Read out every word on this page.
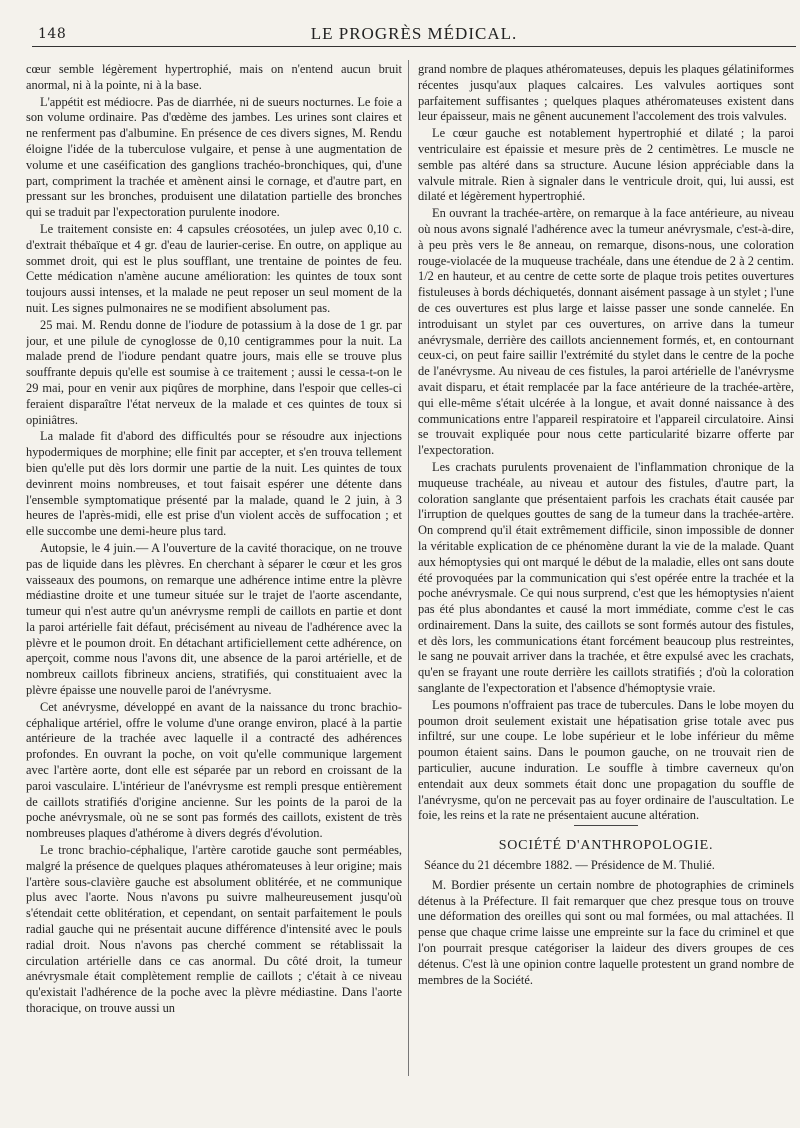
148	LE PROGRÈS MÉDICAL.

cœur semble légèrement hypertrophié, mais on n'entend aucun bruit anormal, ni à la pointe, ni à la base.

L'appétit est médiocre. Pas de diarrhée, ni de sueurs nocturnes. Le foie a son volume ordinaire. Pas d'œdème des jambes. Les urines sont claires et ne renferment pas d'albumine. En présence de ces divers signes, M. Rendu éloigne l'idée de la tuberculose vulgaire, et pense à une augmentation de volume et une caséification des ganglions trachéo-bronchiques, qui, d'une part, compriment la trachée et amènent ainsi le cornage, et d'autre part, en pressant sur les bronches, produisent une dilatation partielle des bronches qui se traduit par l'expectoration purulente inodore.

Le traitement consiste en: 4 capsules créosotées, un julep avec 0,10 c. d'extrait thébaïque et 4 gr. d'eau de laurier-cerise. En outre, on applique au sommet droit, qui est le plus soufflant, une trentaine de pointes de feu. Cette médication n'amène aucune amélioration: les quintes de toux sont toujours aussi intenses, et la malade ne peut reposer un seul moment de la nuit. Les signes pulmonaires ne se modifient absolument pas.

25 mai. M. Rendu donne de l'iodure de potassium à la dose de 1 gr. par jour, et une pilule de cynoglosse de 0,10 centigrammes pour la nuit. La malade prend de l'iodure pendant quatre jours, mais elle se trouve plus souffrante depuis qu'elle est soumise à ce traitement ; aussi le cessa-t-on le 29 mai, pour en venir aux piqûres de morphine, dans l'espoir que celles-ci feraient disparaître l'état nerveux de la malade et ces quintes de toux si opiniâtres.

La malade fit d'abord des difficultés pour se résoudre aux injections hypodermiques de morphine; elle finit par accepter, et s'en trouva tellement bien qu'elle put dès lors dormir une partie de la nuit. Les quintes de toux devinrent moins nombreuses, et tout faisait espérer une détente dans l'ensemble symptomatique présenté par la malade, quand le 2 juin, à 3 heures de l'après-midi, elle est prise d'un violent accès de suffocation ; et elle succombe une demi-heure plus tard.

Autopsie, le 4 juin.— A l'ouverture de la cavité thoracique, on ne trouve pas de liquide dans les plèvres. En cherchant à séparer le cœur et les gros vaisseaux des poumons, on remarque une adhérence intime entre la plèvre médiastine droite et une tumeur située sur le trajet de l'aorte ascendante, tumeur qui n'est autre qu'un anévrysme rempli de caillots en partie et dont la paroi artérielle fait défaut, précisément au niveau de l'adhérence avec la plèvre et le poumon droit. En détachant artificiellement cette adhérence, on aperçoit, comme nous l'avons dit, une absence de la paroi artérielle, et de nombreux caillots fibrineux anciens, stratifiés, qui constituaient avec la plèvre épaisse une nouvelle paroi de l'anévrysme.

Cet anévrysme, développé en avant de la naissance du tronc brachio-céphalique artériel, offre le volume d'une orange environ, placé à la partie antérieure de la trachée avec laquelle il a contracté des adhérences profondes. En ouvrant la poche, on voit qu'elle communique largement avec l'artère aorte, dont elle est séparée par un rebord en croissant de la paroi vasculaire. L'intérieur de l'anévrysme est rempli presque entièrement de caillots stratifiés d'origine ancienne. Sur les points de la paroi de la poche anévrysmale, où ne se sont pas formés des caillots, existent de très nombreuses plaques d'athérome à divers degrés d'évolution.

Le tronc brachio-céphalique, l'artère carotide gauche sont perméables, malgré la présence de quelques plaques athéromateuses à leur origine; mais l'artère sous-clavière gauche est absolument oblitérée, et ne communique plus avec l'aorte. Nous n'avons pu suivre malheureusement jusqu'où s'étendait cette oblitération, et cependant, on sentait parfaitement le pouls radial gauche qui ne présentait aucune différence d'intensité avec le pouls radial droit. Nous n'avons pas cherché comment se rétablissait la circulation artérielle dans ce cas anormal. Du côté droit, la tumeur anévrysmale était complètement remplie de caillots ; c'était à ce niveau qu'existait l'adhérence de la poche avec la plèvre médiastine. Dans l'aorte thoracique, on trouve aussi un

grand nombre de plaques athéromateuses, depuis les plaques gélatiniformes récentes jusqu'aux plaques calcaires. Les valvules aortiques sont parfaitement suffisantes ; quelques plaques athéromateuses existent dans leur épaisseur, mais ne gênent aucunement l'accolement des trois valvules.

Le cœur gauche est notablement hypertrophié et dilaté ; la paroi ventriculaire est épaissie et mesure près de 2 centimètres. Le muscle ne semble pas altéré dans sa structure. Aucune lésion appréciable dans la valvule mitrale. Rien à signaler dans le ventricule droit, qui, lui aussi, est dilaté et légèrement hypertrophié.

En ouvrant la trachée-artère, on remarque à la face antérieure, au niveau où nous avons signalé l'adhérence avec la tumeur anévrysmale, c'est-à-dire, à peu près vers le 8e anneau, on remarque, disons-nous, une coloration rouge-violacée de la muqueuse trachéale, dans une étendue de 2 à 2 centim. 1/2 en hauteur, et au centre de cette sorte de plaque trois petites ouvertures fistuleuses à bords déchiquetés, donnant aisément passage à un stylet ; l'une de ces ouvertures est plus large et laisse passer une sonde cannelée. En introduisant un stylet par ces ouvertures, on arrive dans la tumeur anévrysmale, derrière des caillots anciennement formés, et, en contournant ceux-ci, on peut faire saillir l'extrémité du stylet dans le centre de la poche de l'anévrysme. Au niveau de ces fistules, la paroi artérielle de l'anévrysme avait disparu, et était remplacée par la face antérieure de la trachée-artère, qui elle-même s'était ulcérée à la longue, et avait donné naissance à des communications entre l'appareil respiratoire et l'appareil circulatoire. Ainsi se trouvait expliquée pour nous cette particularité bizarre offerte par l'expectoration.

Les crachats purulents provenaient de l'inflammation chronique de la muqueuse trachéale, au niveau et autour des fistules, d'autre part, la coloration sanglante que présentaient parfois les crachats était causée par l'irruption de quelques gouttes de sang de la tumeur dans la trachée-artère. On comprend qu'il était extrêmement difficile, sinon impossible de donner la véritable explication de ce phénomène durant la vie de la malade. Quant aux hémoptysies qui ont marqué le début de la maladie, elles ont sans doute été provoquées par la communication qui s'est opérée entre la trachée et la poche anévrysmale. Ce qui nous surprend, c'est que les hémoptysies n'aient pas été plus abondantes et causé la mort immédiate, comme c'est le cas ordinairement. Dans la suite, des caillots se sont formés autour des fistules, et dès lors, les communications étant forcément beaucoup plus restreintes, le sang ne pouvait arriver dans la trachée, et être expulsé avec les crachats, qu'en se frayant une route derrière les caillots stratifiés ; d'où la coloration sanglante de l'expectoration et l'absence d'hémoptysie vraie.

Les poumons n'offraient pas trace de tubercules. Dans le lobe moyen du poumon droit seulement existait une hépatisation grise totale avec pus infiltré, sur une coupe. Le lobe supérieur et le lobe inférieur du même poumon étaient sains. Dans le poumon gauche, on ne trouvait rien de particulier, aucune induration. Le souffle à timbre caverneux qu'on entendait aux deux sommets était donc une propagation du souffle de l'anévrysme, qu'on ne percevait pas au foyer ordinaire de l'auscultation. Le foie, les reins et la rate ne présentaient aucune altération.

SOCIÉTÉ D'ANTHROPOLOGIE.

Séance du 21 décembre 1882. — Présidence de M. Thulié.

M. Bordier présente un certain nombre de photographies de criminels détenus à la Préfecture. Il fait remarquer que chez presque tous on trouve une déformation des oreilles qui sont ou mal formées, ou mal attachées. Il pense que chaque crime laisse une empreinte sur la face du criminel et que l'on pourrait presque catégoriser la laideur des divers groupes de ces détenus. C'est là une opinion contre laquelle protestent un grand nombre de membres de la Société.
